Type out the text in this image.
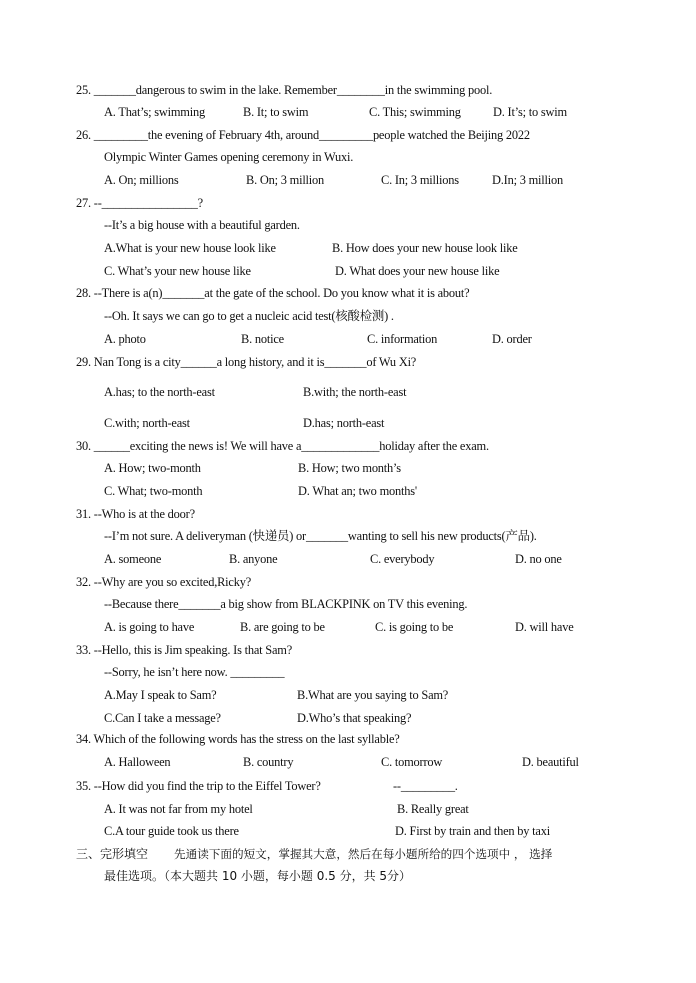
25. _______dangerous to swim in the lake. Remember________in the swimming pool.
A. That’s; swimming	B. It; to swim	C. This; swimming	D. It’s; to swim
26. _________the evening of February 4th, around_________people watched the Beijing 2022
Olympic Winter Games opening ceremony in Wuxi.
A. On; millions	B. On; 3 million	C. In; 3 millions	D.In; 3 million
27. --________________?
--It’s a big house with a beautiful garden.
A.What is your new house look like	B. How does your new house look like
C. What’s your new house like	D. What does your new house like
28. --There is a(n)_______at the gate of the school. Do you know what it is about?
--Oh. It says we can go to get a nucleic acid test(核酸检测) .
A. photo	B. notice	C. information	D. order
29. Nan Tong is a city______a long history, and it is_______of Wu Xi?
A.has; to the north-east	B.with; the north-east
C.with; north-east	D.has; north-east
30. ______exciting the news is! We will have a_____________holiday after the exam.
A. How; two-month	B. How; two month’s
C. What; two-month	D. What an; two months'
31. --Who is at the door?
--I’m not sure. A deliveryman (快递员) or_______wanting to sell his new products(产品).
A. someone	B. anyone	C. everybody	D. no one
32. --Why are you so excited,Ricky?
--Because there_______a big show from BLACKPINK on TV this evening.
A. is going to have	B. are going to be	C. is going to be	D. will have
33. --Hello, this is Jim speaking. Is that Sam?
--Sorry, he isn’t here now. _________
A.May I speak to Sam?	B.What are you saying to Sam?
C.Can I take a message?	D.Who’s that speaking?
34. Which of the following words has the stress on the last syllable?
A. Halloween	B. country	C. tomorrow	D. beautiful
35. --How did you find the trip to the Eiffel Tower?	--_________.
A. It was not far from my hotel	B. Really great
C.A tour guide took us there	D. First by train and then by taxi
三、完形填空 先通读下面的短文，掌握其大意，然后在每小题所给的四个选项中 ， 选择
最佳选项。（本大题共 10 小题，每小题 0.5 分，共 5分）
